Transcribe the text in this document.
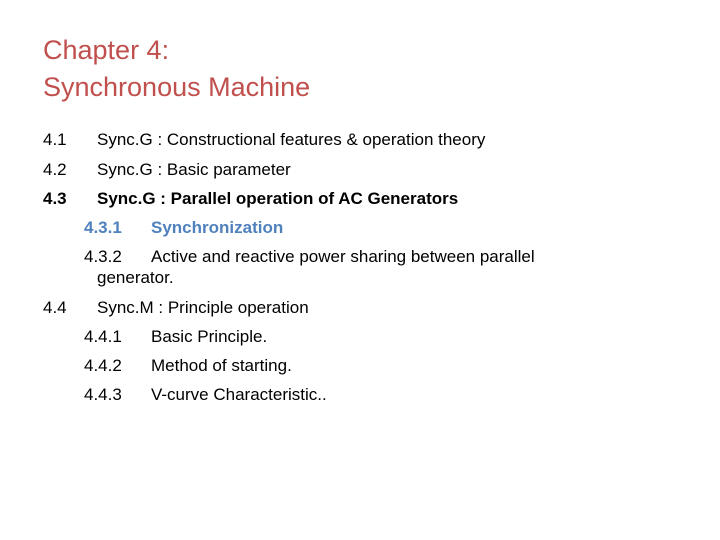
Chapter 4:
Synchronous Machine
4.1 Sync.G : Constructional features & operation theory
4.2 Sync.G : Basic parameter
4.3 Sync.G : Parallel operation of AC Generators
4.3.1 Synchronization
4.3.2 Active and reactive power sharing between parallel
generator.
4.4 Sync.M : Principle operation
4.4.1 Basic Principle.
4.4.2 Method of starting.
4.4.3 V-curve Characteristic..
